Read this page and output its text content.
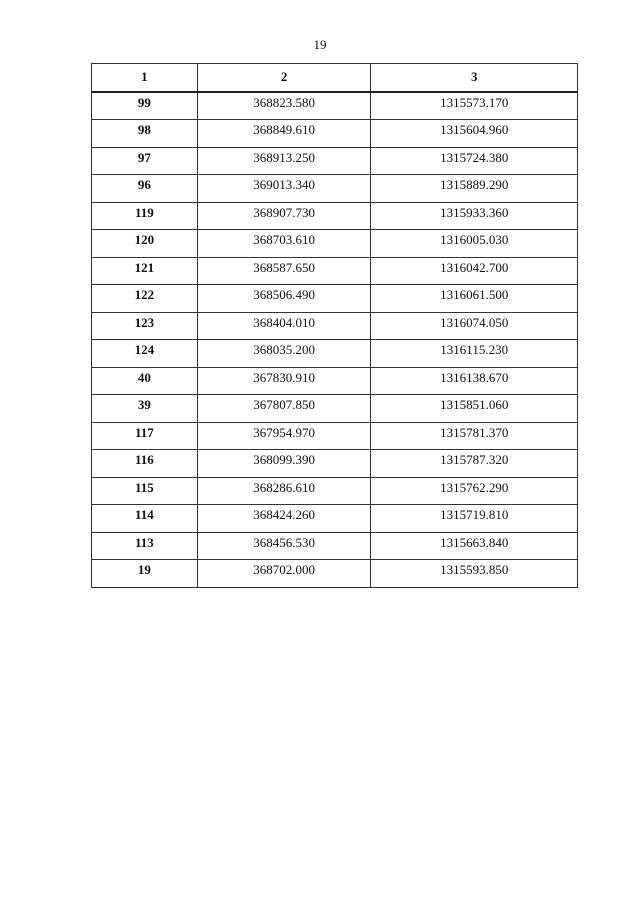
19
1	2	3
99	368823.580	1315573.170
98	368849.610	1315604.960
97	368913.250	1315724.380
96	369013.340	1315889.290
119	368907.730	1315933.360
120	368703.610	1316005.030
121	368587.650	1316042.700
122	368506.490	1316061.500
123	368404.010	1316074.050
124	368035.200	1316115.230
40	367830.910	1316138.670
39	367807.850	1315851.060
117	367954.970	1315781.370
116	368099.390	1315787.320
115	368286.610	1315762.290
114	368424.260	1315719.810
113	368456.530	1315663.840
19	368702.000	1315593.850
